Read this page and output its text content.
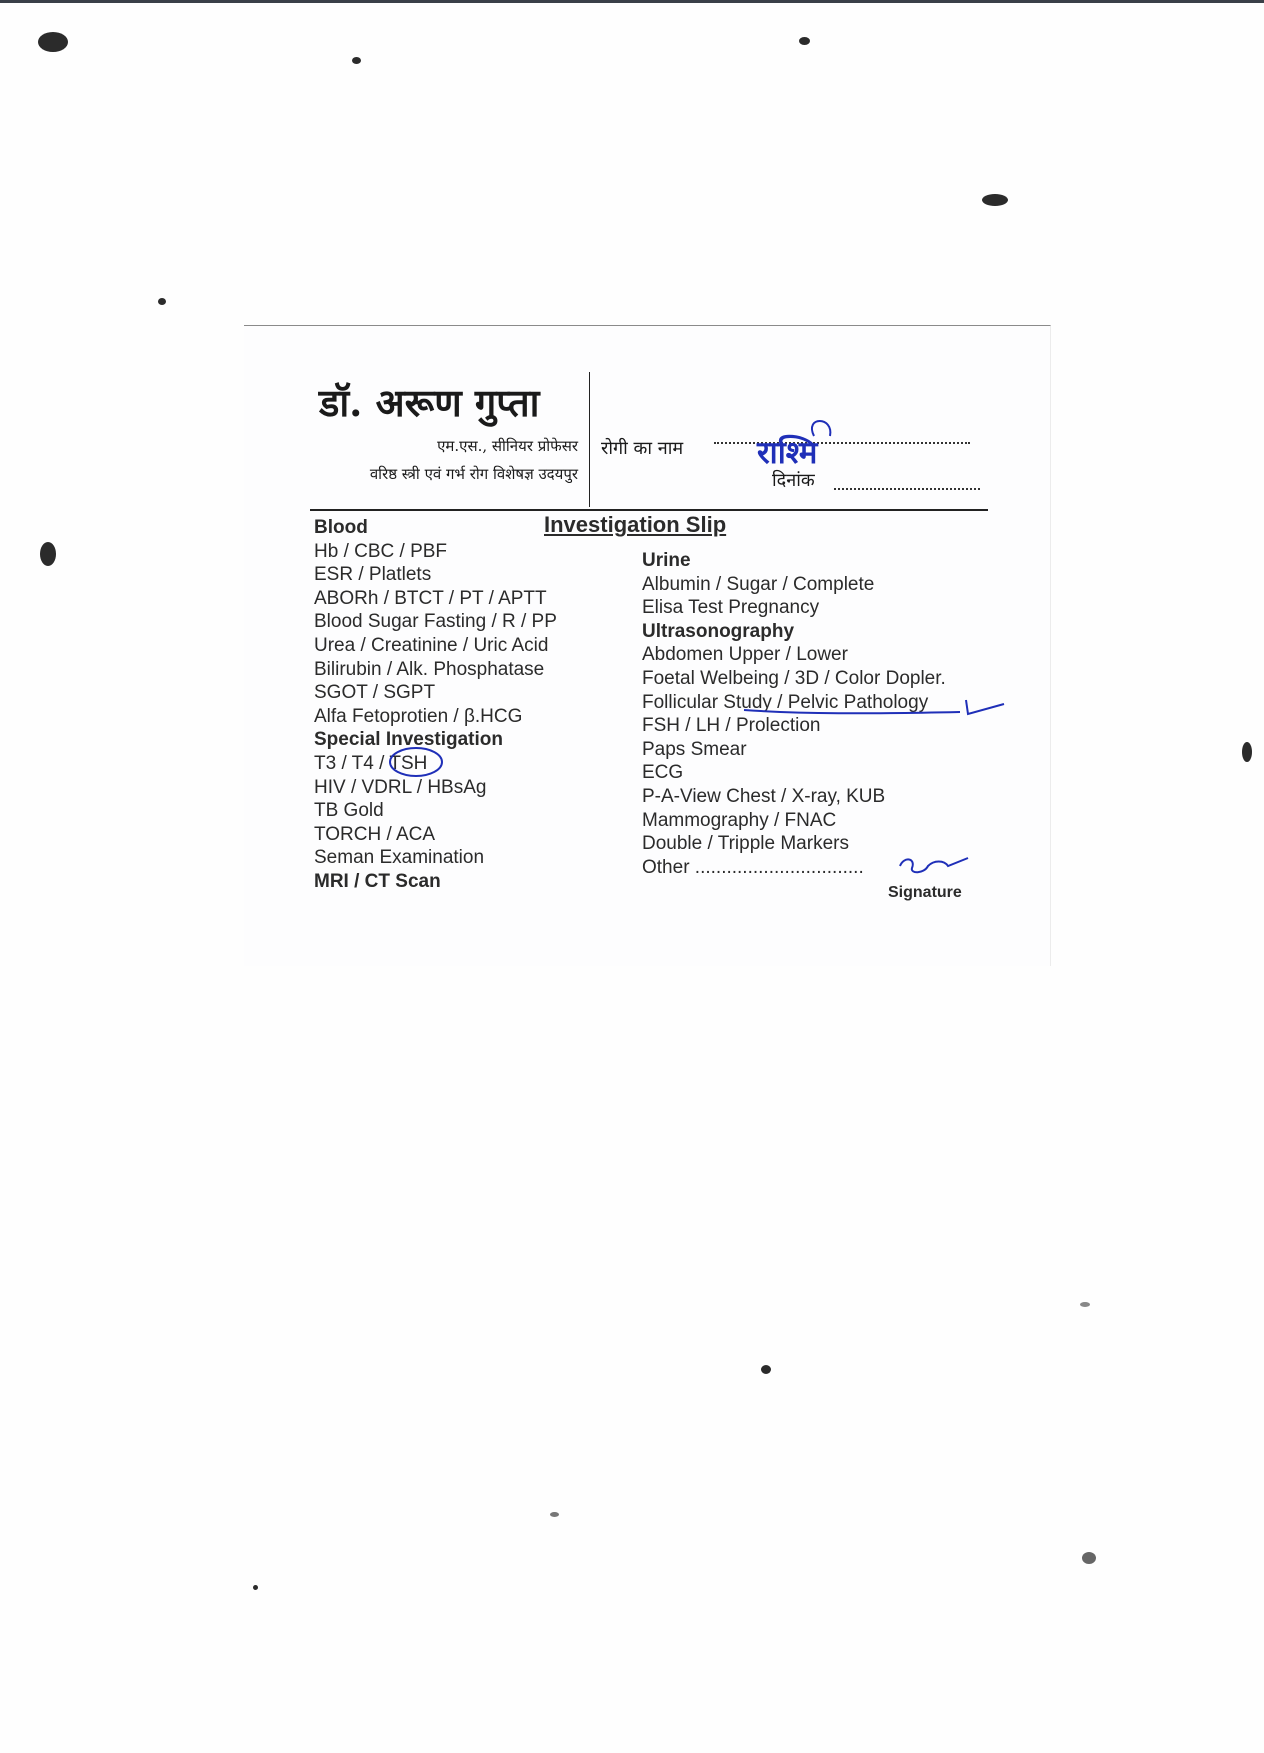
डॉ. अरूण गुप्ता
एम.एस., सीनियर प्रोफेसर
वरिष्ठ स्त्री एवं गर्भ रोग विशेषज्ञ उदयपुर
रोगी का नाम राश्मि
दिनांक
Investigation Slip
Blood
Hb / CBC / PBF
ESR / Platlets
ABORh / BTCT / PT / APTT
Blood Sugar Fasting / R / PP
Urea / Creatinine / Uric Acid
Bilirubin / Alk. Phosphatase
SGOT / SGPT
Alfa Fetoprotien / β.HCG
Special Investigation
T3 / T4 / TSH
HIV / VDRL / HBsAg
TB Gold
TORCH / ACA
Seman Examination
MRI / CT Scan
Urine
Albumin / Sugar / Complete
Elisa Test Pregnancy
Ultrasonography
Abdomen Upper / Lower
Foetal Welbeing / 3D / Color Dopler.
Follicular Study / Pelvic Pathology
FSH / LH / Prolection
Paps Smear
ECG
P-A-View Chest / X-ray, KUB
Mammography / FNAC
Double / Tripple Markers
Other ................................
Signature
